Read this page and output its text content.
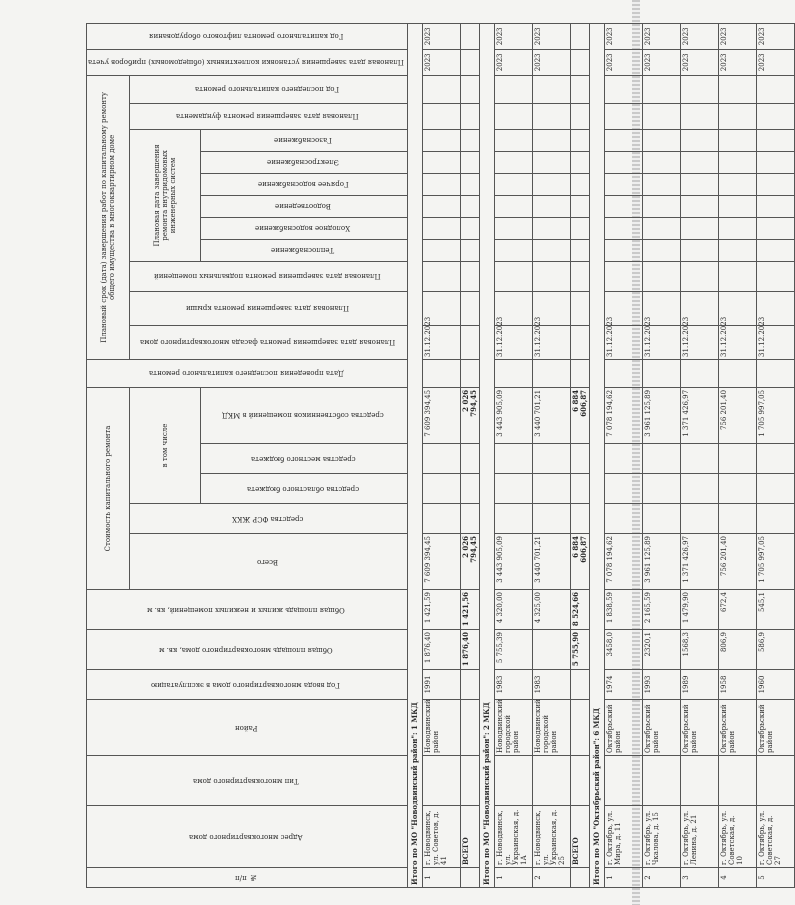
№ п/п	Адрес многоквартирного дома	Тип многоквартирного дома	Район	Год ввода многоквартирного дома в эксплуатацию	Общая площадь многоквартирного дома, кв. м	Общая площадь жилых и нежилых помещений, кв. м	Стоимость капитального ремонта					Дата проведения последнего капитального ремонта	Плановый срок (дата) завершения работ по капитальному ремонту общего имущества в многоквартирном доме											Плановая дата завершения установки коллективных (общедомовых) приборов учета	Год капитального ремонта лифтового оборудования
							Всего	средства ФСР ЖКХ	в том числе				Плановая дата завершения ремонта фасада многоквартирного дома	Плановая дата завершения ремонта крыши	Плановая дата завершения ремонта подвальных помещений	Плановая дата завершения ремонта внутридомовых инженерных систем						Плановая дата завершения ремонта фундамента	Год последнего капитального ремонта		
									средства областного бюджета	средства местного бюджета	средства собственников помещений в МКД					Теплоснабжение	Холодное водоснабжение	Водоотведение	Горячее водоснабжение	Электроснабжение	Газоснабжение				
Итого по МО "Новодвинский район": 1 МКД																									
1	г. Новодвинск, ул. Советов, д. 41		Новодвинский район	1991	1 876,40	1 421,59	7 609 394,45				7 609 394,45		31.12.2023											2023	2023
	ВСЕГО				1 876,40	1 421,56	2 026 794,45				2 026 794,45														
Итого по МО "Новодвинский район": 2 МКД																									
1	г. Новодвинск, ул. Украинская, д. 1А		Новодвинский городской район	1983	5 755,39	4 320,00	3 443 905,09				3 443 905,09		31.12.2023											2023	2023
2	г. Новодвинск, ул. Украинская, д. 25		Новодвинский городской район	1983		4 325,00	3 440 701,21				3 440 701,21		31.12.2023											2023	2023
	ВСЕГО				5 755,90	8 524,66	6 884 606,87				6 884 606,87														
Итого по МО "Октябрьский район": 6 МКД																									
1	г. Октябрь, ул. Мира, д. 11		Октябрьский район	1974	3458,0	1 838,59	7 078 194,62				7 078 194,62		31.12.2023											2023	2023
2	г. Октябрь, ул. Чкалова, д. 15		Октябрьский район	1993	2320,1	2 165,59	3 961 125,89				3 961 125,89		31.12.2023											2023	2023
3	г. Октябрь, ул. Ленина, д. 21		Октябрьский район	1989	1568,3	1 479,90	1 371 426,97				1 371 426,97		31.12.2023											2023	2023
4	г. Октябрь, ул. Советская, д. 10		Октябрьский район	1958	806,9	672,4	756 201,40				756 201,40		31.12.2023											2023	2023
5	г. Октябрь, ул. Советская, д. 27		Октябрьский район	1960	586,9	545,1	1 705 997,05				1 705 997,05		31.12.2023											2023	2023
